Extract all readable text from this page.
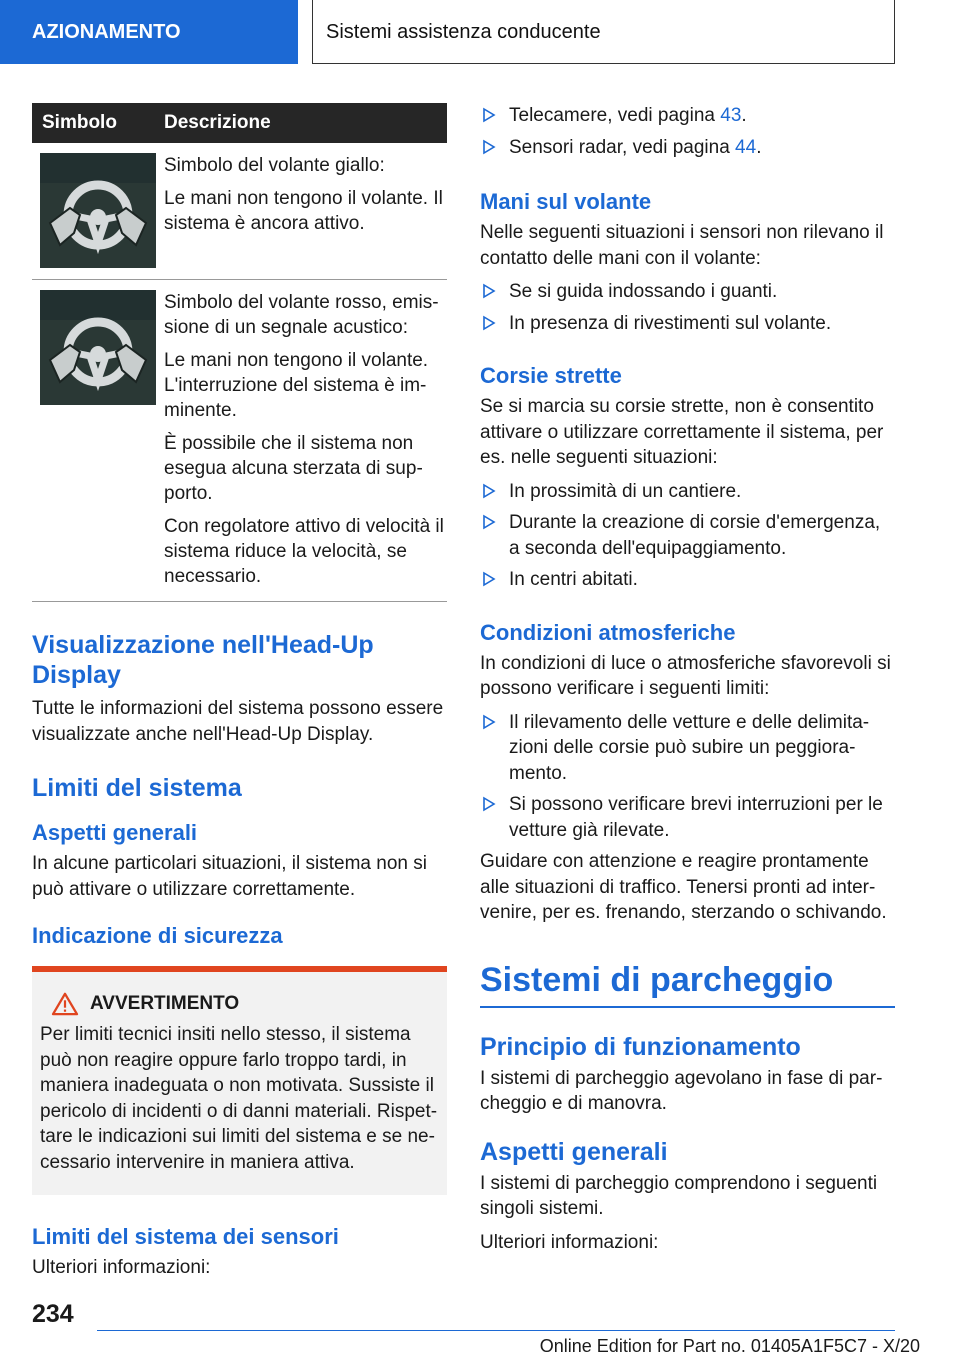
AZIONAMENTO	Sistemi assistenza conducente
Simbolo	Descrizione

Simbolo del volante giallo:

Le mani non tengono il volante. Il sistema è ancora attivo.

Simbolo del volante rosso, emissione di un segnale acustico:

Le mani non tengono il volante. L'interruzione del sistema è imminente.

È possibile che il sistema non esegua alcuna sterzata di supporto.

Con regolatore attivo di velocità il sistema riduce la velocità, se necessario.

Visualizzazione nell'Head-Up Display

Tutte le informazioni del sistema possono essere visualizzate anche nell'Head-Up Display.

Limiti del sistema
Aspetti generali

In alcune particolari situazioni, il sistema non si può attivare o utilizzare correttamente.

Indicazione di sicurezza
AVVERTIMENTO

Per limiti tecnici insiti nello stesso, il sistema può non reagire oppure farlo troppo tardi, in maniera inadeguata o non motivata. Sussiste il pericolo di incidenti o di danni materiali. Rispettare le indicazioni sui limiti del sistema e se necessario intervenire in maniera attiva.

Limiti del sistema dei sensori

Ulteriori informazioni:

Telecamere, vedi pagina 43.
Sensori radar, vedi pagina 44.
Mani sul volante

Nelle seguenti situazioni i sensori non rilevano il contatto delle mani con il volante:

Se si guida indossando i guanti.
In presenza di rivestimenti sul volante.
Corsie strette

Se si marcia su corsie strette, non è consentito attivare o utilizzare correttamente il sistema, per es. nelle seguenti situazioni:

In prossimità di un cantiere.
Durante la creazione di corsie d'emergenza, a seconda dell'equipaggiamento.
In centri abitati.
Condizioni atmosferiche

In condizioni di luce o atmosferiche sfavorevoli si possono verificare i seguenti limiti:

Il rilevamento delle vetture e delle delimitazioni delle corsie può subire un peggioramento.
Si possono verificare brevi interruzioni per le vetture già rilevate.

Guidare con attenzione e reagire prontamente alle situazioni di traffico. Tenersi pronti ad intervenire, per es. frenando, sterzando o schivando.

Sistemi di parcheggio
Principio di funzionamento

I sistemi di parcheggio agevolano in fase di parcheggio e di manovra.

Aspetti generali

I sistemi di parcheggio comprendono i seguenti singoli sistemi.

Ulteriori informazioni:

234
Online Edition for Part no. 01405A1F5C7 - X/20
